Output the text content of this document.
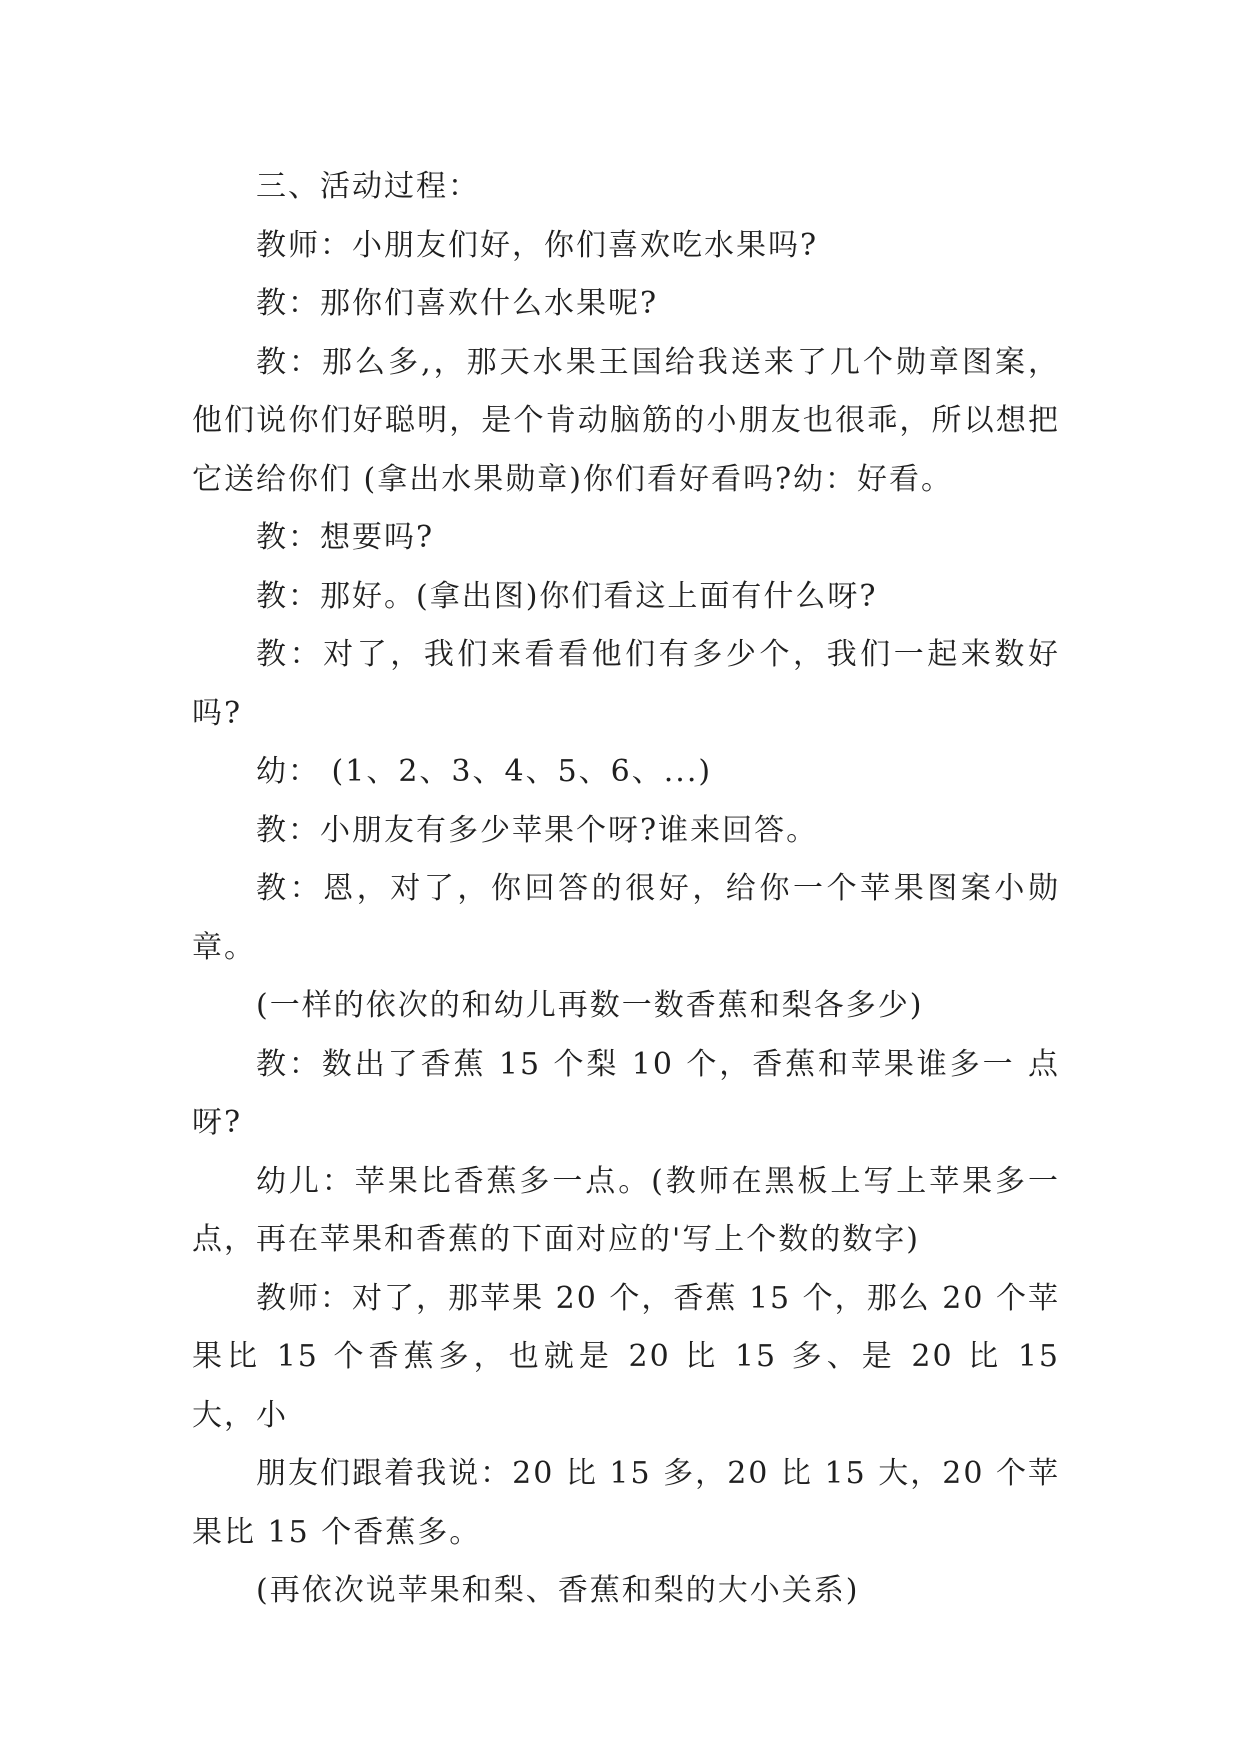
三、活动过程：

教师：小朋友们好，你们喜欢吃水果吗?

教：那你们喜欢什么水果呢?

教：那么多,，那天水果王国给我送来了几个勋章图案，他们说你们好聪明，是个肯动脑筋的小朋友也很乖，所以想把它送给你们 (拿出水果勋章)你们看好看吗?幼：好看。

教：想要吗?

教：那好。(拿出图)你们看这上面有什么呀?

教：对了，我们来看看他们有多少个，我们一起来数好吗?

幼： (1、2、3、4、5、6、...)

教：小朋友有多少苹果个呀?谁来回答。

教：恩，对了，你回答的很好，给你一个苹果图案小勋章。

(一样的依次的和幼儿再数一数香蕉和梨各多少)

教：数出了香蕉 15 个梨 10 个，香蕉和苹果谁多一 点呀?

幼儿：苹果比香蕉多一点。(教师在黑板上写上苹果多一点，再在苹果和香蕉的下面对应的'写上个数的数字)

教师：对了，那苹果 20 个，香蕉 15 个，那么 20 个苹果比 15 个香蕉多，也就是 20 比 15 多、是 20 比 15 大，小

朋友们跟着我说：20 比 15 多，20 比 15 大，20 个苹果比 15 个香蕉多。

(再依次说苹果和梨、香蕉和梨的大小关系)
